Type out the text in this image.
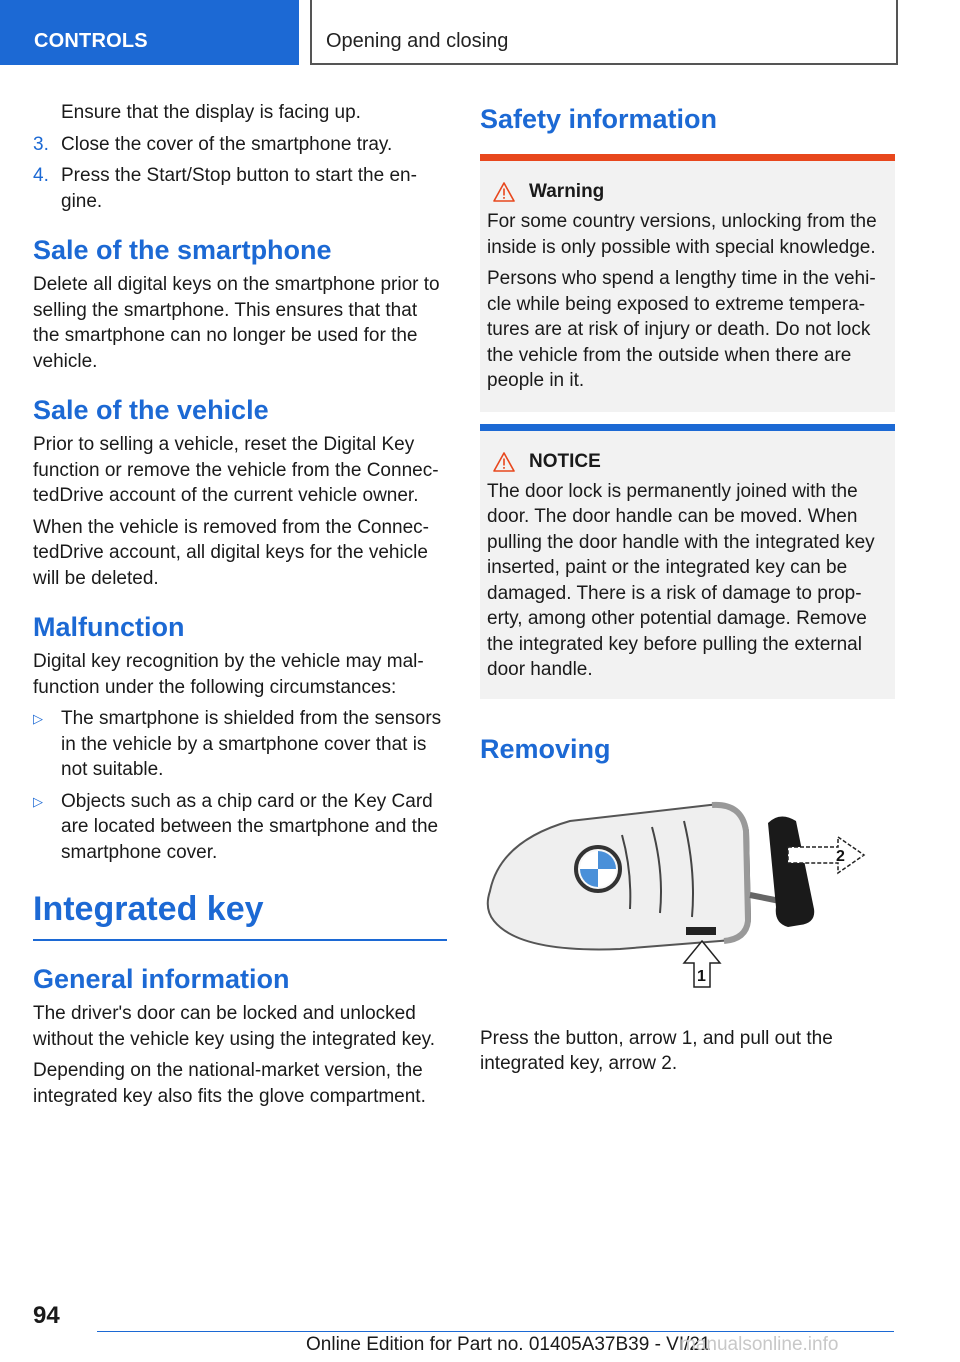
CONTROLS	Opening and closing
Ensure that the display is facing up.
3. Close the cover of the smartphone tray.
4. Press the Start/Stop button to start the en‐ gine.
Sale of the smartphone

Delete all digital keys on the smartphone prior to selling the smartphone. This ensures that that the smartphone can no longer be used for the vehicle.

Sale of the vehicle

Prior to selling a vehicle, reset the Digital Key function or remove the vehicle from the Connec‐ tedDrive account of the current vehicle owner.

When the vehicle is removed from the Connec‐ tedDrive account, all digital keys for the vehicle will be deleted.

Malfunction

Digital key recognition by the vehicle may mal‐ function under the following circumstances:

▷ The smartphone is shielded from the sensors in the vehicle by a smartphone cover that is not suitable.
▷ Objects such as a chip card or the Key Card are located between the smartphone and the smartphone cover.
Integrated key
General information

The driver's door can be locked and unlocked without the vehicle key using the integrated key.

Depending on the national-market version, the integrated key also fits the glove compartment.

Safety information
Warning

For some country versions, unlocking from the inside is only possible with special knowledge.

Persons who spend a lengthy time in the vehi‐ cle while being exposed to extreme tempera‐ tures are at risk of injury or death. Do not lock the vehicle from the outside when there are people in it.

NOTICE

The door lock is permanently joined with the door. The door handle can be moved. When pulling the door handle with the integrated key inserted, paint or the integrated key can be damaged. There is a risk of damage to prop‐ erty, among other potential damage. Remove the integrated key before pulling the external door handle.

Removing
2
1

Press the button, arrow 1, and pull out the integrated key, arrow 2.

94
Online Edition for Part no. 01405A37B39 - VI/21
manualsonline.info
